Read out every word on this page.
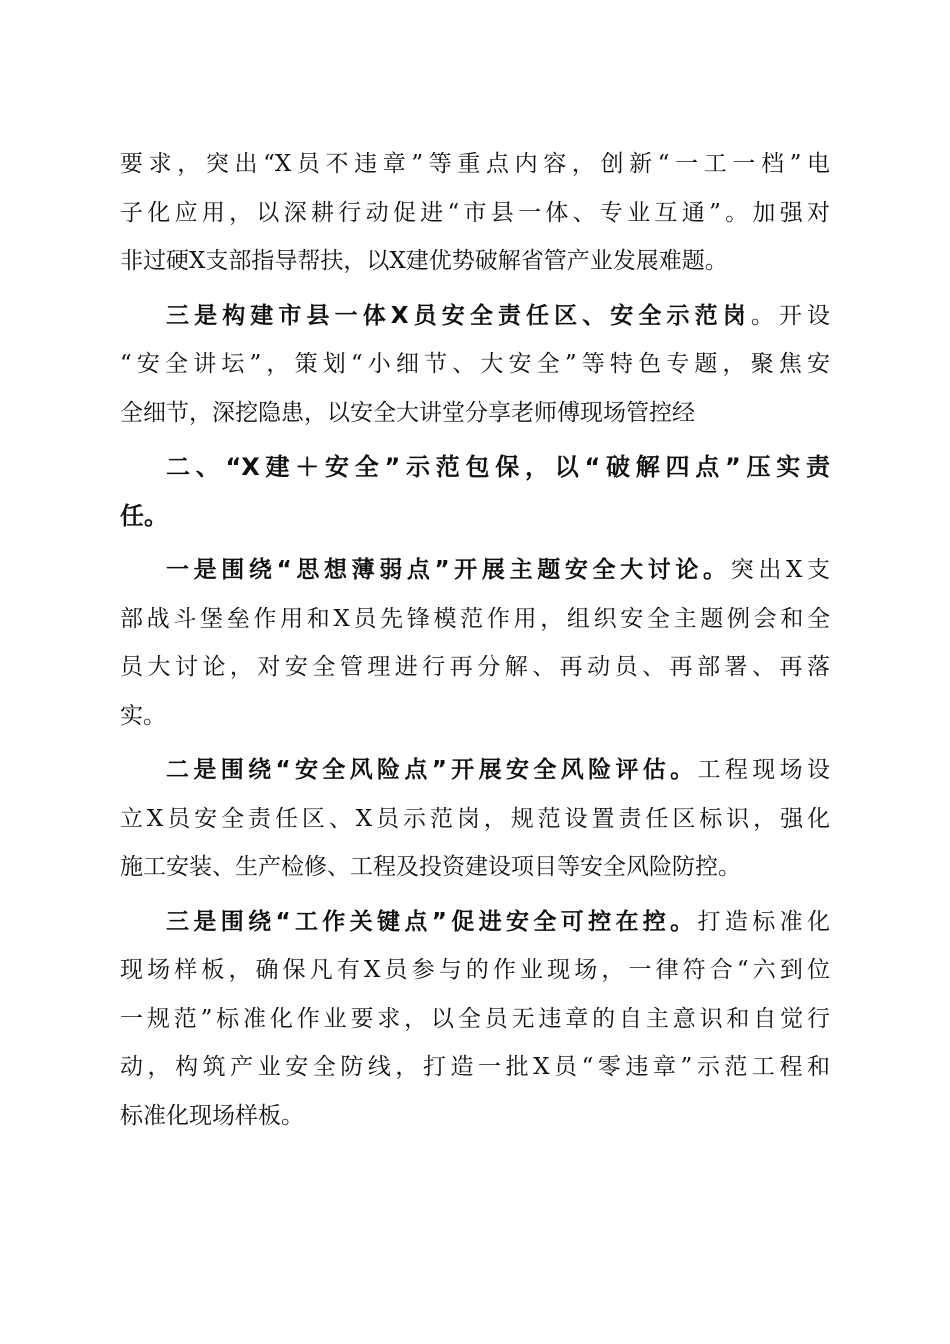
要求，突出“X员不违章”等重点内容，创新“一工一档”电
子化应用，以深耕行动促进“市县一体、专业互通”。加强对
非过硬X支部指导帮扶，以X建优势破解省管产业发展难题。
三是构建市县一体X员安全责任区、安全示范岗。开设
“安全讲坛”，策划“小细节、大安全”等特色专题，聚焦安
全细节，深挖隐患，以安全大讲堂分享老师傅现场管控经
二、“X建＋安全”示范包保，以“破解四点”压实责
任。
一是围绕“思想薄弱点”开展主题安全大讨论。突出X支
部战斗堡垒作用和X员先锋模范作用，组织安全主题例会和全
员大讨论，对安全管理进行再分解、再动员、再部署、再落
实。
二是围绕“安全风险点”开展安全风险评估。工程现场设
立X员安全责任区、X员示范岗，规范设置责任区标识，强化
施工安装、生产检修、工程及投资建设项目等安全风险防控。
三是围绕“工作关键点”促进安全可控在控。打造标准化
现场样板，确保凡有X员参与的作业现场，一律符合“六到位
一规范”标准化作业要求，以全员无违章的自主意识和自觉行
动，构筑产业安全防线，打造一批X员“零违章”示范工程和
标准化现场样板。
